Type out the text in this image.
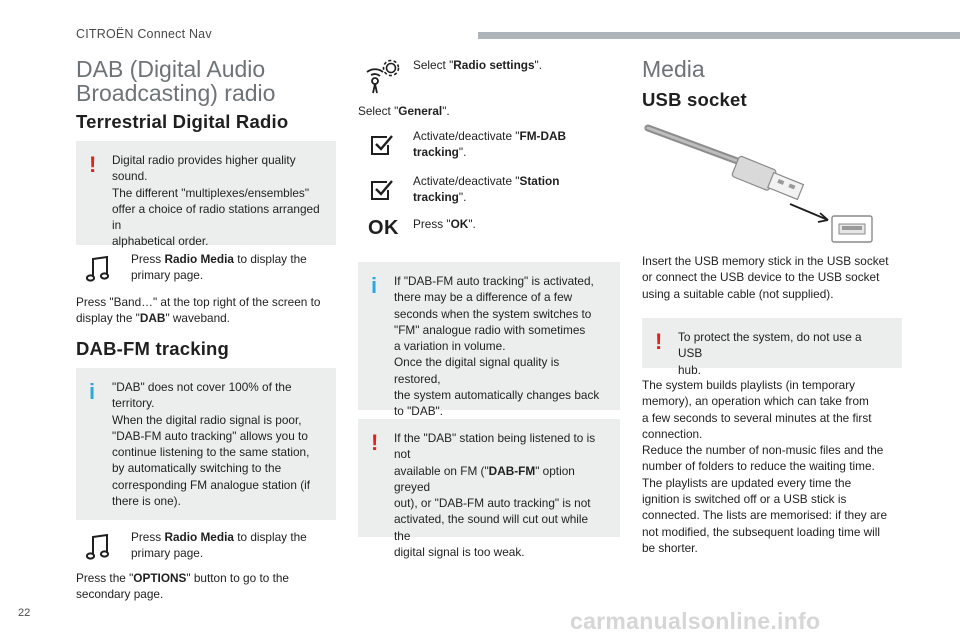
CITROËN Connect Nav
DAB (Digital Audio
Broadcasting) radio
Terrestrial Digital Radio
! Digital radio provides higher quality sound.

The different "multiplexes/ensembles"

offer a choice of radio stations arranged in

alphabetical order.

Press Radio Media to display the
primary page.
Press "Band…" at the top right of the screen to
display the "DAB" waveband.
DAB-FM tracking
i "DAB" does not cover 100% of the

territory.

When the digital radio signal is poor,

"DAB-FM auto tracking" allows you to

continue listening to the same station,

by automatically switching to the

corresponding FM analogue station (if

there is one).

Press Radio Media to display the
primary page.
Press the "OPTIONS" button to go to the
secondary page.
Select "Radio settings".
Select "General".
Activate/deactivate "FM-DAB
tracking".
Activate/deactivate "Station
tracking".
OK Press "OK".
i If "DAB-FM auto tracking" is activated,

there may be a difference of a few

seconds when the system switches to

"FM" analogue radio with sometimes

a variation in volume.

Once the digital signal quality is restored,

the system automatically changes back

to "DAB".

! If the "DAB" station being listened to is not

available on FM ("DAB-FM" option greyed

out), or "DAB-FM auto tracking" is not

activated, the sound will cut out while the

digital signal is too weak.

Media
USB socket
Insert the USB memory stick in the USB socket
or connect the USB device to the USB socket
using a suitable cable (not supplied).
! To protect the system, do not use a USB

hub.

The system builds playlists (in temporary
memory), an operation which can take from
a few seconds to several minutes at the first
connection.
Reduce the number of non-music files and the
number of folders to reduce the waiting time.
The playlists are updated every time the
ignition is switched off or a USB stick is
connected. The lists are memorised: if they are
not modified, the subsequent loading time will
be shorter.
22	carmanualsonline.info
